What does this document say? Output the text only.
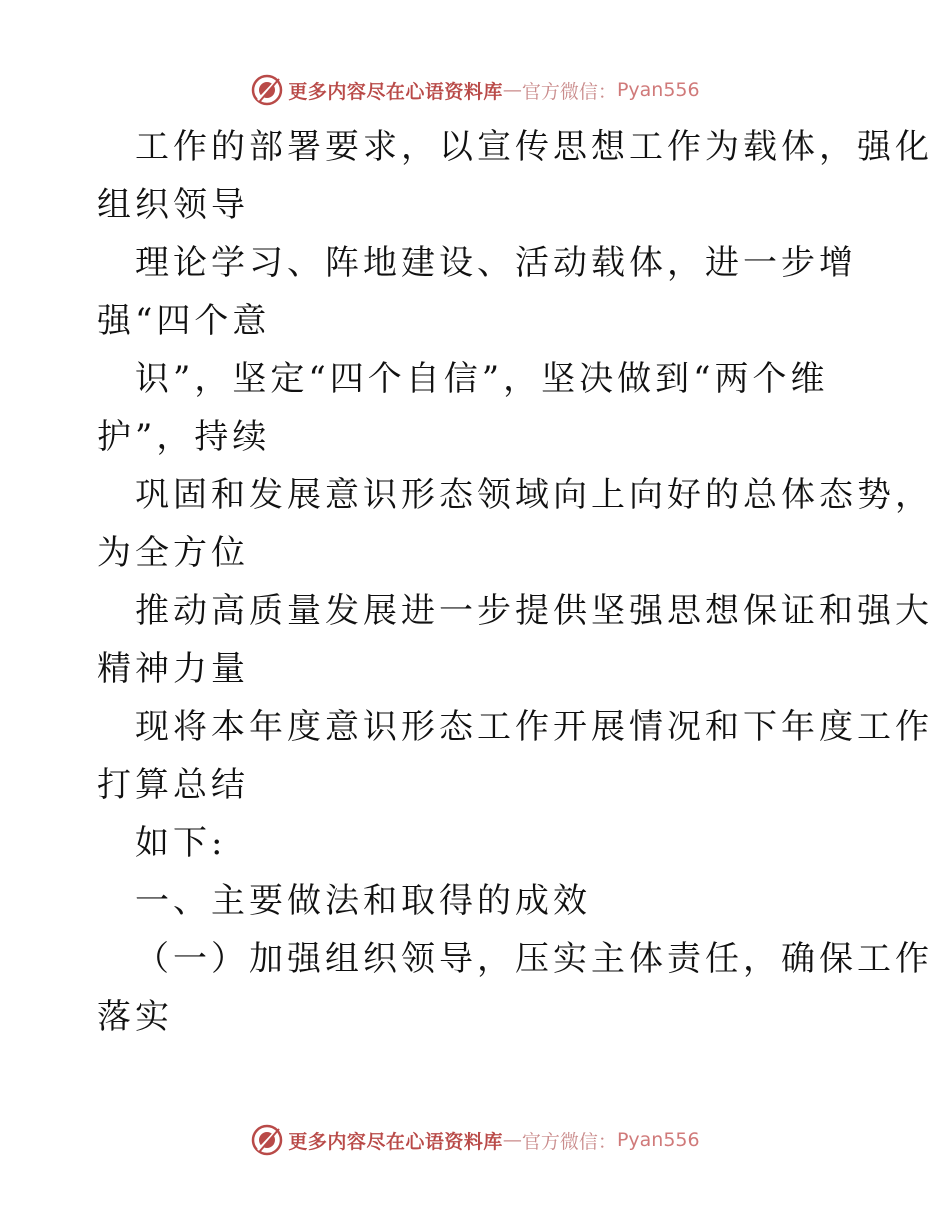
更多内容尽在心语资料库 — 官方微信： Pyan556

工作的部署要求，以宣传思想工作为载体，强化

组织领导

理论学习、阵地建设、活动载体，进一步增

强“四个意

识”，坚定“四个自信”，坚决做到“两个维

护”，持续

巩固和发展意识形态领域向上向好的总体态势，

为全方位

推动高质量发展进一步提供坚强思想保证和强大

精神力量

现将本年度意识形态工作开展情况和下年度工作

打算总结

如下:

一、主要做法和取得的成效

（一）加强组织领导，压实主体责任，确保工作

落实

更多内容尽在心语资料库 — 官方微信： Pyan556
